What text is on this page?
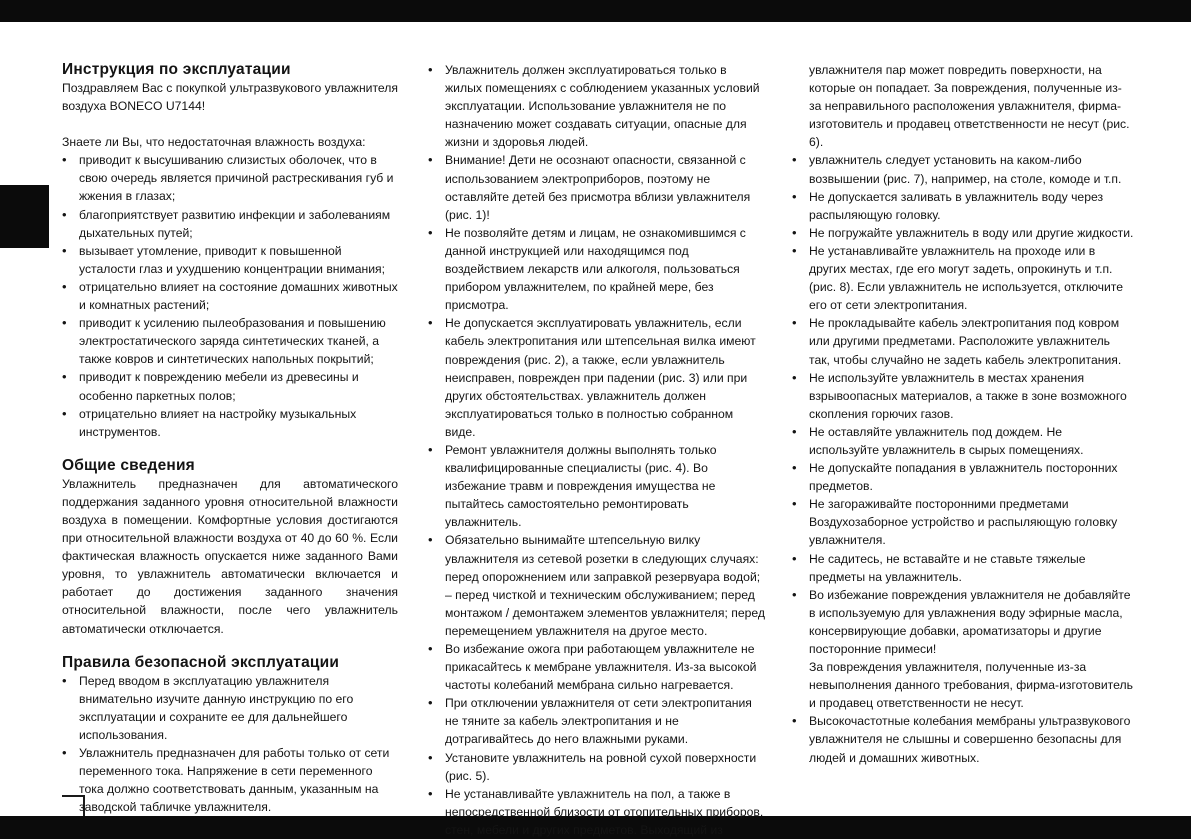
Инструкция по эксплуатации

Поздравляем Вас с покупкой ультразвукового увлажнителя воздуха BONECO U7144!

Знаете ли Вы, что недостаточная влажность воздуха:

• приводит к высушиванию слизистых оболочек, что в свою очередь является причиной растрескивания губ и жжения в глазах;
• благоприятствует развитию инфекции и заболеваниям дыхательных путей;
• вызывает утомление, приводит к повышенной усталости глаз и ухудшению концентрации внимания;
• отрицательно влияет на состояние домашних животных и комнатных растений;
• приводит к усилению пылеобразования и повышению электростатического заряда синтетических тканей, а также ковров и синтетических напольных покрытий;
• приводит к повреждению мебели из древесины и особенно паркетных полов;
• отрицательно влияет на настройку музыкальных инструментов.
Общие сведения

Увлажнитель предназначен для автоматического поддержания заданного уровня относительной влажности воздуха в помещении. Комфортные условия достигаются при относительной влажности воздуха от 40 до 60 %. Если фактическая влажность опускается ниже заданного Вами уровня, то увлажнитель автоматически включается и работает до достижения заданного значения относительной влажности, после чего увлажнитель автоматически отключается.

Правила безопасной эксплуатации
• Перед вводом в эксплуатацию увлажнителя внимательно изучите данную инструкцию по его эксплуатации и сохраните ее для дальнейшего использования.
• Увлажнитель предназначен для работы только от сети переменного тока. Напряжение в сети переменного тока должно соответствовать данным, указанным на заводской табличке увлажнителя.
• Увлажнитель должен эксплуатироваться только в жилых помещениях с соблюдением указанных условий эксплуатации. Использование увлажнителя не по назначению может создавать ситуации, опасные для жизни и здоровья людей.
• Внимание! Дети не осознают опасности, связанной с использованием электроприборов, поэтому не оставляйте детей без присмотра вблизи увлажнителя (рис. 1)!
• Не позволяйте детям и лицам, не ознакомившимся с данной инструкцией или находящимся под воздействием лекарств или алкоголя, пользоваться прибором увлажнителем, по крайней мере, без присмотра.
• Не допускается эксплуатировать увлажнитель, если кабель электропитания или штепсельная вилка имеют повреждения (рис. 2), а также, если увлажнитель неисправен, поврежден при падении (рис. 3) или при других обстоятельствах. увлажнитель должен эксплуатироваться только в полностью собранном виде.
• Ремонт увлажнителя должны выполнять только квалифицированные специалисты (рис. 4). Во избежание травм и повреждения имущества не пытайтесь самостоятельно ремонтировать увлажнитель.
• Обязательно вынимайте штепсельную вилку увлажнителя из сетевой розетки в следующих случаях: перед опорожнением или заправкой резервуара водой; – перед чисткой и техническим обслуживанием; перед монтажом / демонтажем элементов увлажнителя; перед перемещением увлажнителя на другое место.
• Во избежание ожога при работающем увлажнителе не прикасайтесь к мембране увлажнителя. Из-за высокой частоты колебаний мембрана сильно нагревается.
• При отключении увлажнителя от сети электропитания не тяните за кабель электропитания и не дотрагивайтесь до него влажными руками.
• Установите увлажнитель на ровной сухой поверхности (рис. 5).
• Не устанавливайте увлажнитель на пол, а также в непосредственной близости от отопительных приборов, стен, мебели и других предметов. Выходящий из
увлажнителя пар может повредить поверхности, на которые он попадает. За повреждения, полученные из-за неправильного расположения увлажнителя, фирма-изготовитель и продавец ответственности не несут (рис. 6).
• увлажнитель следует установить на каком-либо возвышении (рис. 7), например, на столе, комоде и т.п.
• Не допускается заливать в увлажнитель воду через распыляющую головку.
• Не погружайте увлажнитель в воду или другие жидкости.
• Не устанавливайте увлажнитель на проходе или в других местах, где его могут задеть, опрокинуть и т.п. (рис. 8). Если увлажнитель не используется, отключите его от сети электропитания.
• Не прокладывайте кабель электропитания под ковром или другими предметами. Расположите увлажнитель так, чтобы случайно не задеть кабель электропитания.
• Не используйте увлажнитель в местах хранения взрывоопасных материалов, а также в зоне возможного скопления горючих газов.
• Не оставляйте увлажнитель под дождем. Не используйте увлажнитель в сырых помещениях.
• Не допускайте попадания в увлажнитель посторонних предметов.
• Не загораживайте посторонними предметами Воздухозаборное устройство и распыляющую головку увлажнителя.
• Не садитесь, не вставайте и не ставьте тяжелые предметы на увлажнитель.
• Во избежание повреждения увлажнителя не добавляйте в используемую для увлажнения воду эфирные масла, консервирующие добавки, ароматизаторы и другие посторонние примеси!
За повреждения увлажнителя, полученные из-за невыполнения данного требования, фирма-изготовитель и продавец ответственности не несут.
• Высокочастотные колебания мембраны ультразвукового увлажнителя не слышны и совершенно безопасны для людей и домашних животных.
